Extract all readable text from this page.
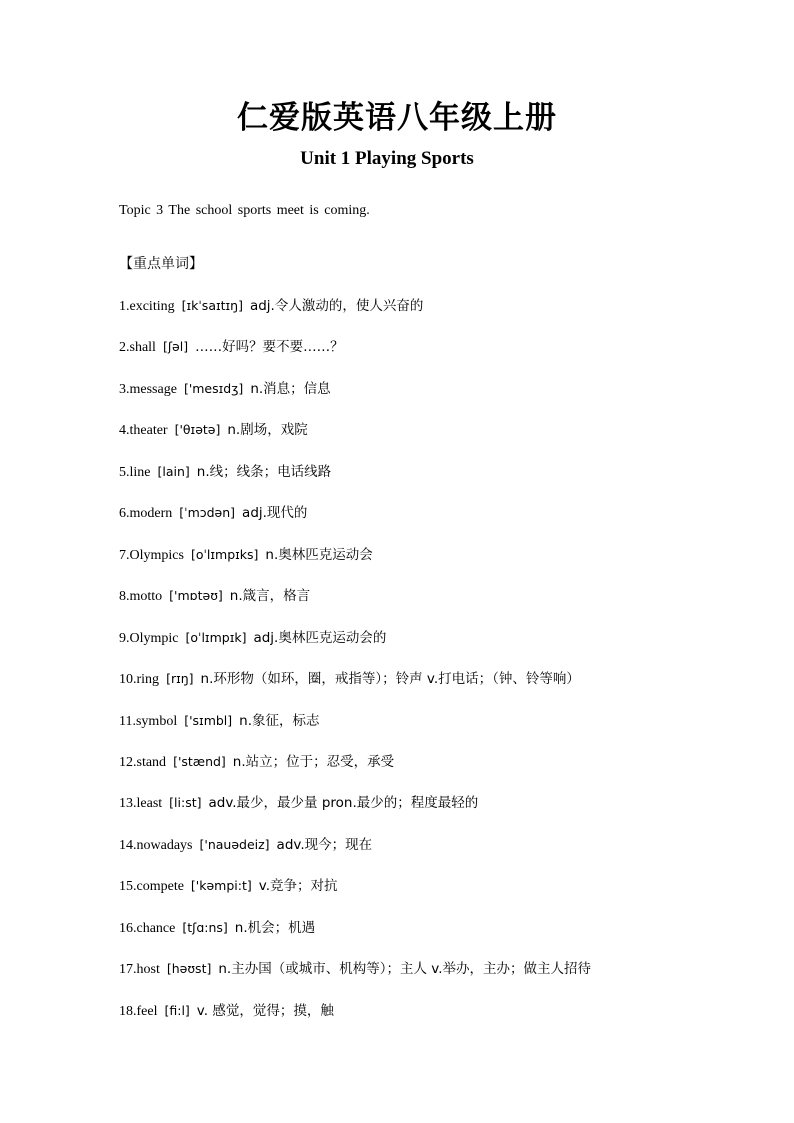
仁爱版英语八年级上册
Unit 1 Playing Sports
Topic 3 The school sports meet is coming.
【重点单词】
1.exciting [ɪkˈsaɪtɪŋ] adj.令人激动的，使人兴奋的
2.shall [ʃəl] ……好吗？要不要……？
3.message ['mesɪdʒ] n.消息；信息
4.theater ['θɪətə] n.剧场，戏院
5.line [lain] n.线；线条；电话线路
6.modern [ˈmɔdən] adj.现代的
7.Olympics [oˈlɪmpɪks] n.奥林匹克运动会
8.motto ['mɒtəʊ] n.箴言，格言
9.Olympic [oˈlɪmpɪk] adj.奥林匹克运动会的
10.ring [rɪŋ] n.环形物（如环，圈，戒指等）；铃声 v.打电话；（钟、铃等响）
11.symbol ['sɪmbl] n.象征，标志
12.stand ['stænd] n.站立；位于；忍受，承受
13.least [li:st] adv.最少，最少量 pron.最少的；程度最轻的
14.nowadays ['nauədeiz] adv.现今；现在
15.compete ['kəmpi:t] v.竞争；对抗
16.chance [tʃɑ:ns] n.机会；机遇
17.host [həʊst] n.主办国（或城市、机构等）；主人 v.举办，主办；做主人招待
18.feel [fi:l] v. 感觉，觉得；摸，触
